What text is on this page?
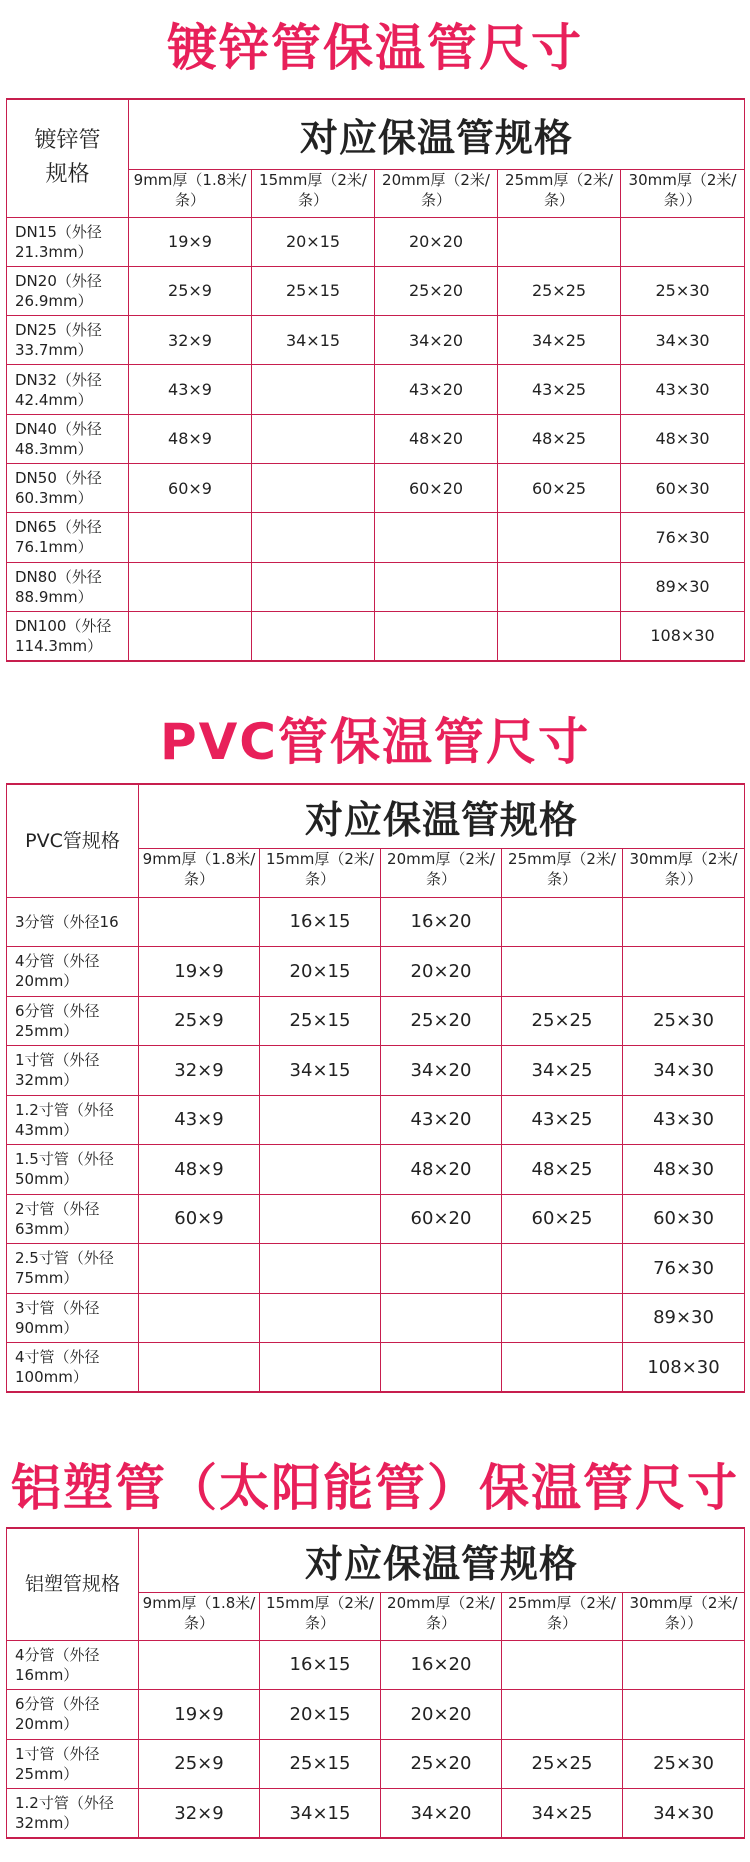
镀锌管保温管尺寸
镀锌管
规格	对应保温管规格				
	9mm厚（1.8米/条）	15mm厚（2米/条）	20mm厚（2米/条）	25mm厚（2米/条）	30mm厚（2米/条））
DN15（外径21.3mm）	19×9	20×15	20×20		
DN20（外径26.9mm）	25×9	25×15	25×20	25×25	25×30
DN25（外径33.7mm）	32×9	34×15	34×20	34×25	34×30
DN32（外径42.4mm）	43×9		43×20	43×25	43×30
DN40（外径48.3mm）	48×9		48×20	48×25	48×30
DN50（外径60.3mm）	60×9		60×20	60×25	60×30
DN65（外径76.1mm）					76×30
DN80（外径88.9mm）					89×30
DN100（外径114.3mm）					108×30
PVC管保温管尺寸
PVC管规格	对应保温管规格				
	9mm厚（1.8米/条）	15mm厚（2米/条）	20mm厚（2米/条）	25mm厚（2米/条）	30mm厚（2米/条））
3分管（外径16		16×15	16×20		
4分管（外径20mm）	19×9	20×15	20×20		
6分管（外径25mm）	25×9	25×15	25×20	25×25	25×30
1寸管（外径32mm）	32×9	34×15	34×20	34×25	34×30
1.2寸管（外径43mm）	43×9		43×20	43×25	43×30
1.5寸管（外径50mm）	48×9		48×20	48×25	48×30
2寸管（外径63mm）	60×9		60×20	60×25	60×30
2.5寸管（外径75mm）					76×30
3寸管（外径90mm）					89×30
4寸管（外径100mm）					108×30
铝塑管（太阳能管）保温管尺寸
铝塑管规格	对应保温管规格				
	9mm厚（1.8米/条）	15mm厚（2米/条）	20mm厚（2米/条）	25mm厚（2米/条）	30mm厚（2米/条））
4分管（外径16mm）		16×15	16×20		
6分管（外径20mm）	19×9	20×15	20×20		
1寸管（外径25mm）	25×9	25×15	25×20	25×25	25×30
1.2寸管（外径32mm）	32×9	34×15	34×20	34×25	34×30
